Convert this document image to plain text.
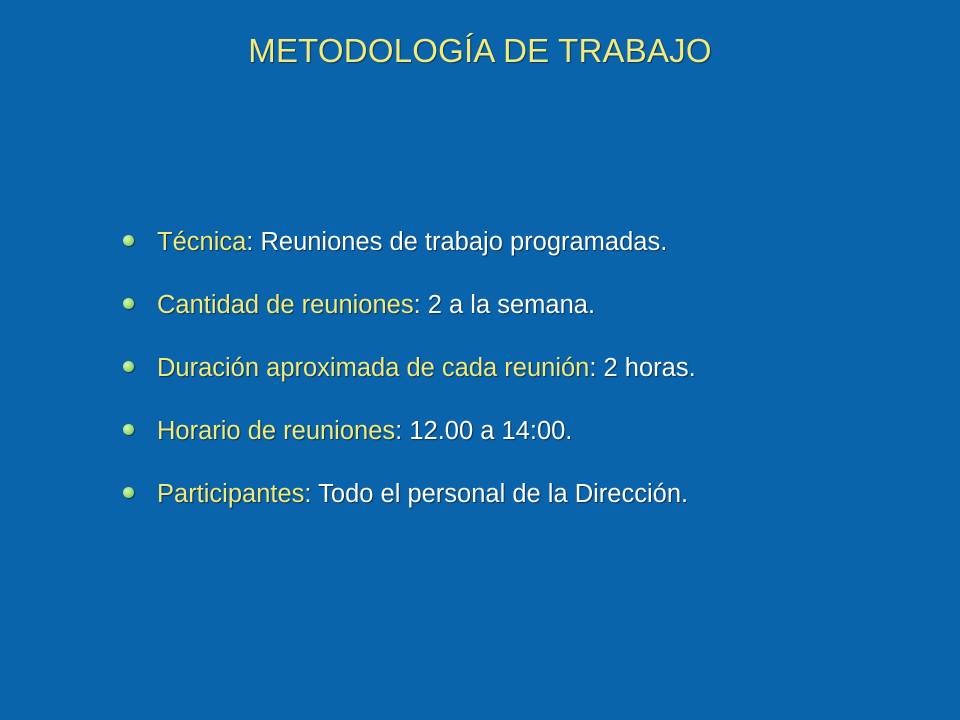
METODOLOGÍA DE TRABAJO
Técnica: Reuniones de trabajo programadas.
Cantidad de reuniones: 2 a la semana.
Duración aproximada de cada reunión: 2 horas.
Horario de reuniones: 12.00 a 14:00.
Participantes: Todo el personal de la Dirección.
